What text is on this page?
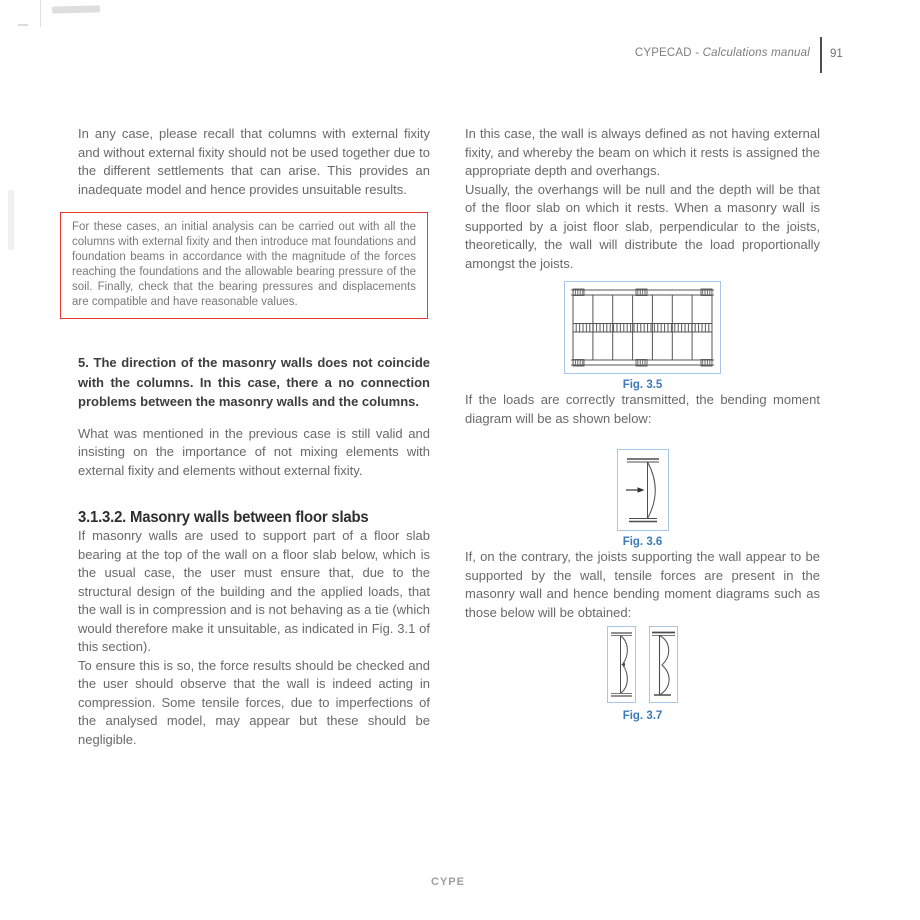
CYPECAD - Calculations manual 91

In any case, please recall that columns with external fixity and without external fixity should not be used together due to the different settlements that can arise. This provides an inadequate model and hence provides unsuitable results.

For these cases, an initial analysis can be carried out with all the columns with external fixity and then introduce mat foundations and foundation beams in accordance with the magnitude of the forces reaching the foundations and the allowable bearing pressure of the soil. Finally, check that the bearing pressures and displacements are compatible and have reasonable values.

5. The direction of the masonry walls does not coincide with the columns. In this case, there a no connection problems between the masonry walls and the columns.

What was mentioned in the previous case is still valid and insisting on the importance of not mixing elements with external fixity and elements without external fixity.

3.1.3.2. Masonry walls between floor slabs

If masonry walls are used to support part of a floor slab bearing at the top of the wall on a floor slab below, which is the usual case, the user must ensure that, due to the structural design of the building and the applied loads, that the wall is in compression and is not behaving as a tie (which would therefore make it unsuitable, as indicated in Fig. 3.1 of this section).

To ensure this is so, the force results should be checked and the user should observe that the wall is indeed acting in compression. Some tensile forces, due to imperfections of the analysed model, may appear but these should be negligible.

In this case, the wall is always defined as not having external fixity, and whereby the beam on which it rests is assigned the appropriate depth and overhangs.

Usually, the overhangs will be null and the depth will be that of the floor slab on which it rests. When a masonry wall is supported by a joist floor slab, perpendicular to the joists, theoretically, the wall will distribute the load proportionally amongst the joists.

Fig. 3.5

If the loads are correctly transmitted, the bending moment diagram will be as shown below:

Fig. 3.6

If, on the contrary, the joists supporting the wall appear to be supported by the wall, tensile forces are present in the masonry wall and hence bending moment diagrams such as those below will be obtained:

Fig. 3.7
CYPE
